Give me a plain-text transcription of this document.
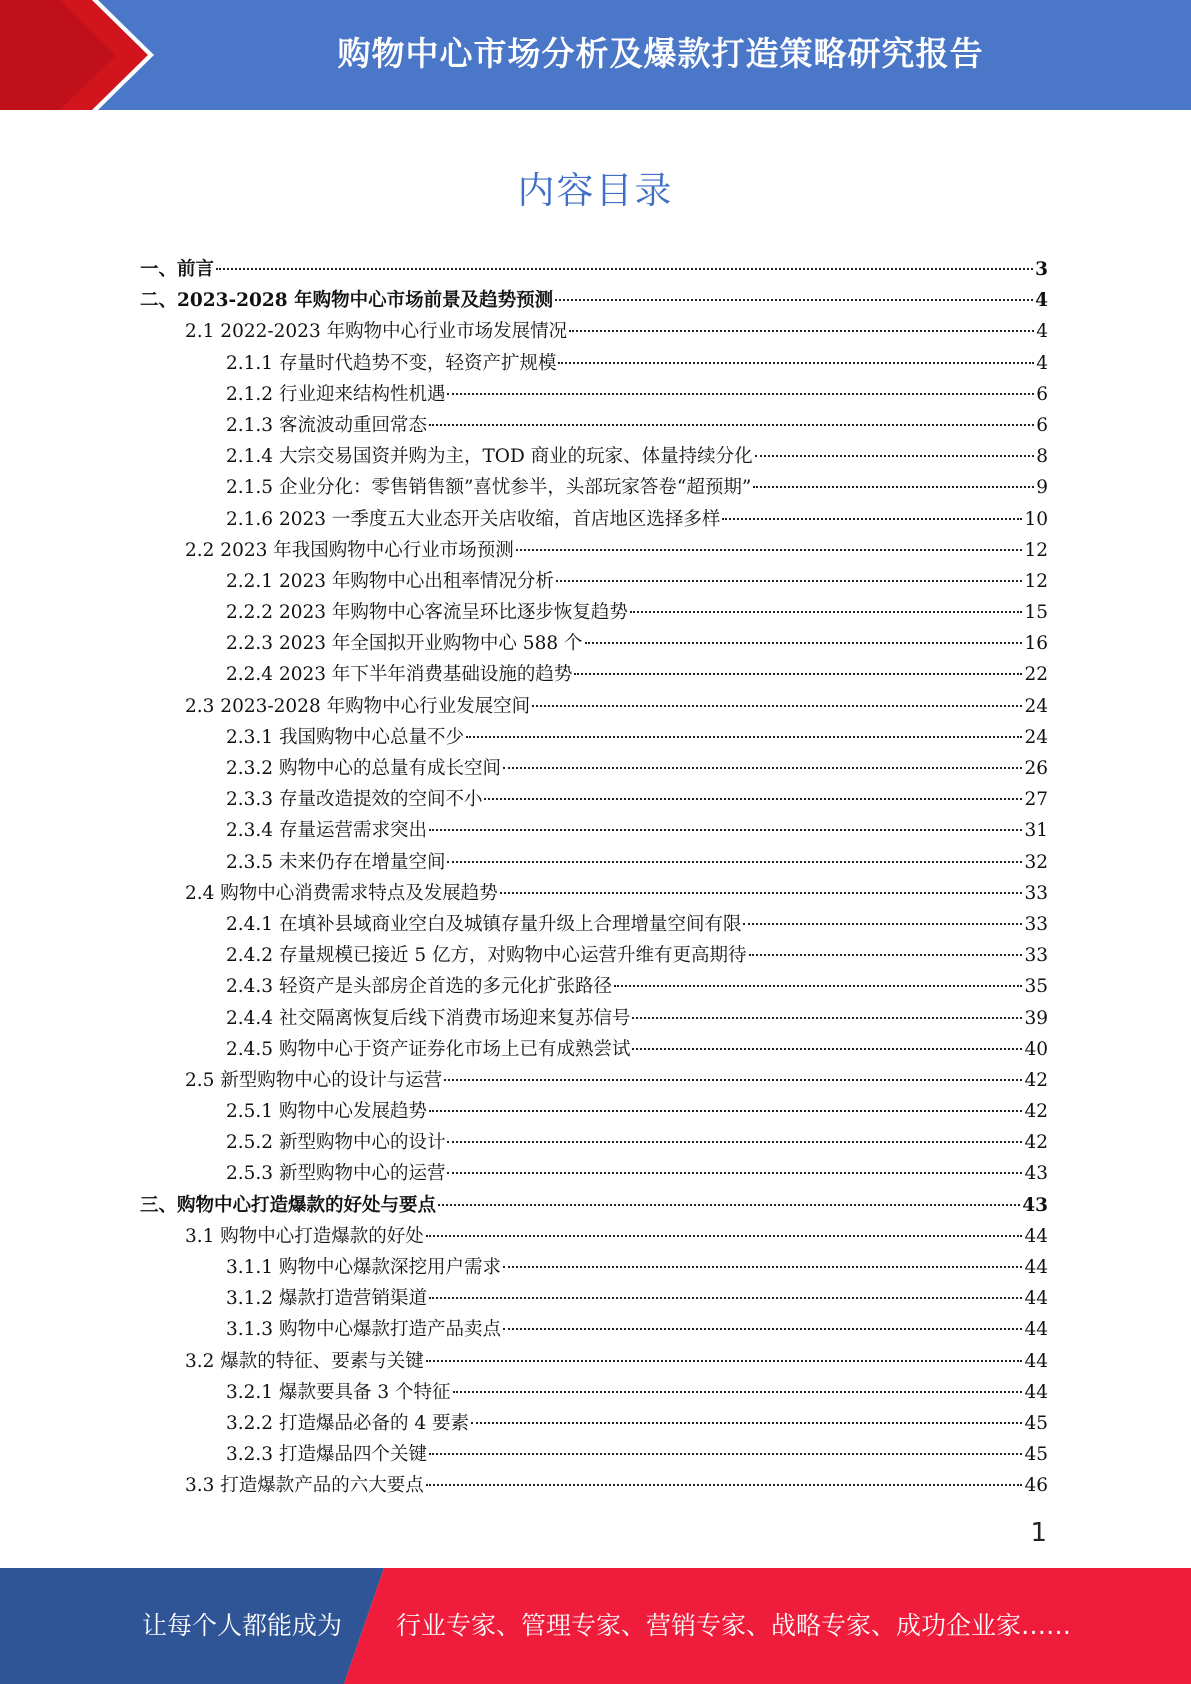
购物中心市场分析及爆款打造策略研究报告
内容目录
一、前言	3
二、2023-2028 年购物中心市场前景及趋势预测	4
2.1 2022-2023 年购物中心行业市场发展情况	4
2.1.1 存量时代趋势不变，轻资产扩规模	4
2.1.2 行业迎来结构性机遇	6
2.1.3 客流波动重回常态	6
2.1.4 大宗交易国资并购为主，TOD 商业的玩家、体量持续分化	8
2.1.5 企业分化：零售销售额”喜忧参半，头部玩家答卷“超预期”	9
2.1.6 2023 一季度五大业态开关店收缩，首店地区选择多样	10
2.2 2023 年我国购物中心行业市场预测	12
2.2.1 2023 年购物中心出租率情况分析	12
2.2.2 2023 年购物中心客流呈环比逐步恢复趋势	15
2.2.3 2023 年全国拟开业购物中心 588 个	16
2.2.4 2023 年下半年消费基础设施的趋势	22
2.3 2023-2028 年购物中心行业发展空间	24
2.3.1 我国购物中心总量不少	24
2.3.2 购物中心的总量有成长空间	26
2.3.3 存量改造提效的空间不小	27
2.3.4 存量运营需求突出	31
2.3.5 未来仍存在增量空间	32
2.4 购物中心消费需求特点及发展趋势	33
2.4.1 在填补县域商业空白及城镇存量升级上合理增量空间有限	33
2.4.2 存量规模已接近 5 亿方，对购物中心运营升维有更高期待	33
2.4.3 轻资产是头部房企首选的多元化扩张路径	35
2.4.4 社交隔离恢复后线下消费市场迎来复苏信号	39
2.4.5 购物中心于资产证券化市场上已有成熟尝试	40
2.5 新型购物中心的设计与运营	42
2.5.1 购物中心发展趋势	42
2.5.2 新型购物中心的设计	42
2.5.3 新型购物中心的运营	43
三、购物中心打造爆款的好处与要点	43
3.1 购物中心打造爆款的好处	44
3.1.1 购物中心爆款深挖用户需求	44
3.1.2 爆款打造营销渠道	44
3.1.3 购物中心爆款打造产品卖点	44
3.2 爆款的特征、要素与关键	44
3.2.1 爆款要具备 3 个特征	44
3.2.2 打造爆品必备的 4 要素	45
3.2.3 打造爆品四个关键	45
3.3 打造爆款产品的六大要点	46
1
让每个人都能成为 行业专家、管理专家、营销专家、战略专家、成功企业家……
